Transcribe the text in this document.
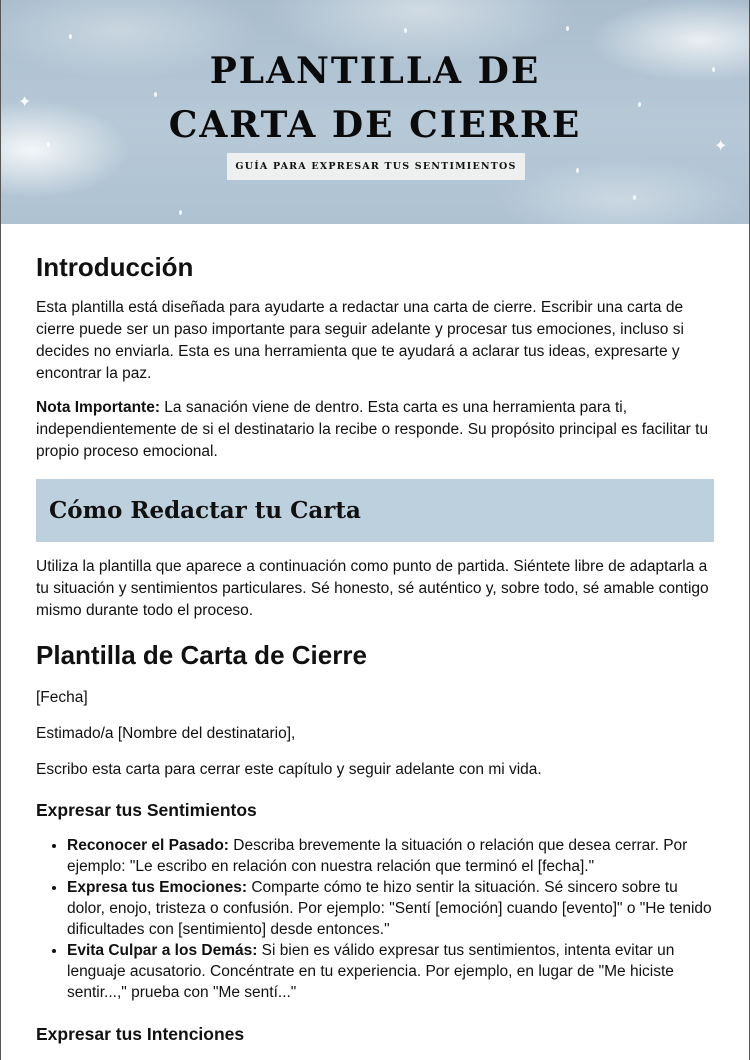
✦
✦
PLANTILLA DE
CARTA DE CIERRE
GUÍA PARA EXPRESAR TUS SENTIMIENTOS
Introducción

Esta plantilla está diseñada para ayudarte a redactar una carta de cierre. Escribir una carta de cierre puede ser un paso importante para seguir adelante y procesar tus emociones, incluso si decides no enviarla. Esta es una herramienta que te ayudará a aclarar tus ideas, expresarte y encontrar la paz.

Nota Importante: La sanación viene de dentro. Esta carta es una herramienta para ti, independientemente de si el destinatario la recibe o responde. Su propósito principal es facilitar tu propio proceso emocional.

Cómo Redactar tu Carta

Utiliza la plantilla que aparece a continuación como punto de partida. Siéntete libre de adaptarla a tu situación y sentimientos particulares. Sé honesto, sé auténtico y, sobre todo, sé amable contigo mismo durante todo el proceso.

Plantilla de Carta de Cierre

[Fecha]

Estimado/a [Nombre del destinatario],

Escribo esta carta para cerrar este capítulo y seguir adelante con mi vida.

Expresar tus Sentimientos
• Reconocer el Pasado: Describa brevemente la situación o relación que desea cerrar. Por ejemplo: "Le escribo en relación con nuestra relación que terminó el [fecha]."
• Expresa tus Emociones: Comparte cómo te hizo sentir la situación. Sé sincero sobre tu dolor, enojo, tristeza o confusión. Por ejemplo: "Sentí [emoción] cuando [evento]" o "He tenido dificultades con [sentimiento] desde entonces."
• Evita Culpar a los Demás: Si bien es válido expresar tus sentimientos, intenta evitar un lenguaje acusatorio. Concéntrate en tu experiencia. Por ejemplo, en lugar de "Me hiciste sentir...," prueba con "Me sentí..."
Expresar tus Intenciones
